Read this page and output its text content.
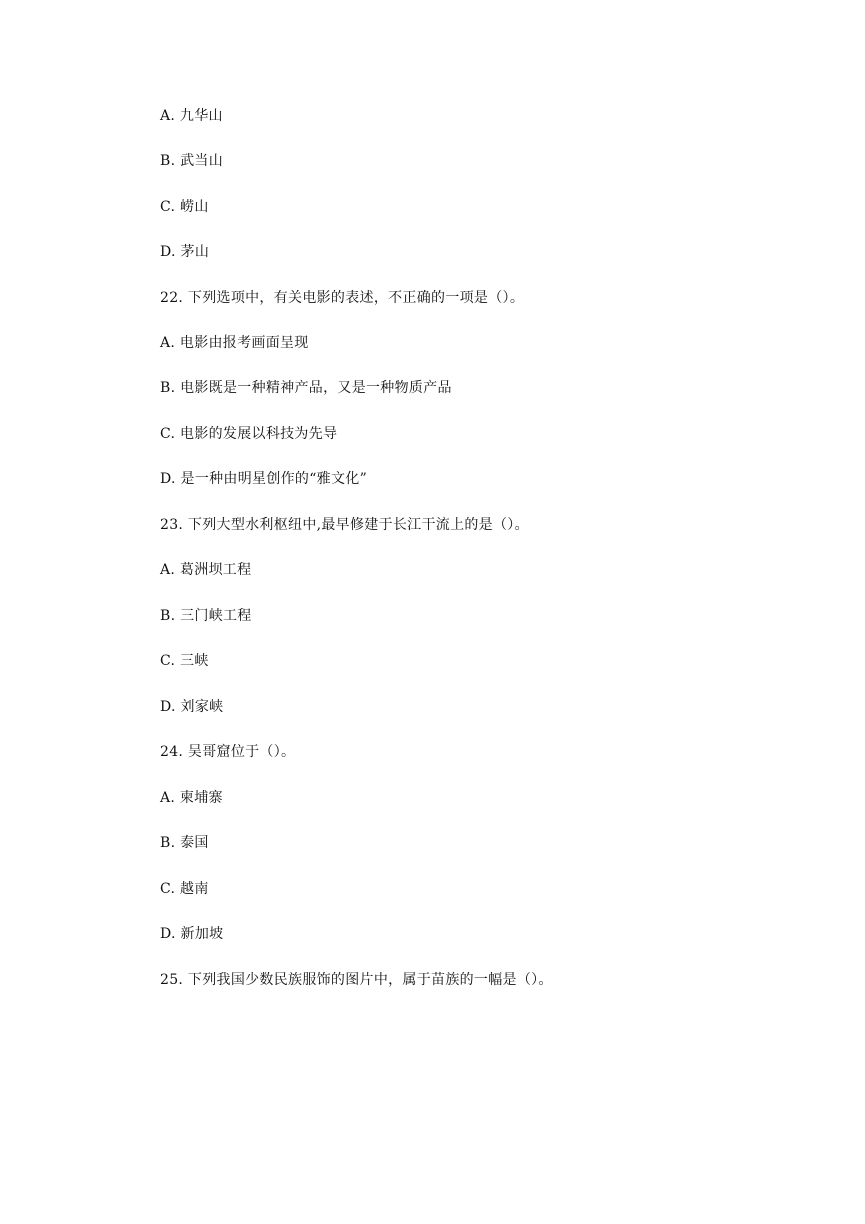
A. 九华山
B. 武当山
C. 崂山
D. 茅山
22. 下列选项中，有关电影的表述，不正确的一项是（）。
A. 电影由报考画面呈现
B. 电影既是一种精神产品，又是一种物质产品
C. 电影的发展以科技为先导
D. 是一种由明星创作的“雅文化”
23. 下列大型水利枢纽中,最早修建于长江干流上的是（）。
A. 葛洲坝工程
B. 三门峡工程
C. 三峡
D. 刘家峡
24. 吴哥窟位于（）。
A. 柬埔寨
B. 泰国
C. 越南
D. 新加坡
25. 下列我国少数民族服饰的图片中，属于苗族的一幅是（）。
